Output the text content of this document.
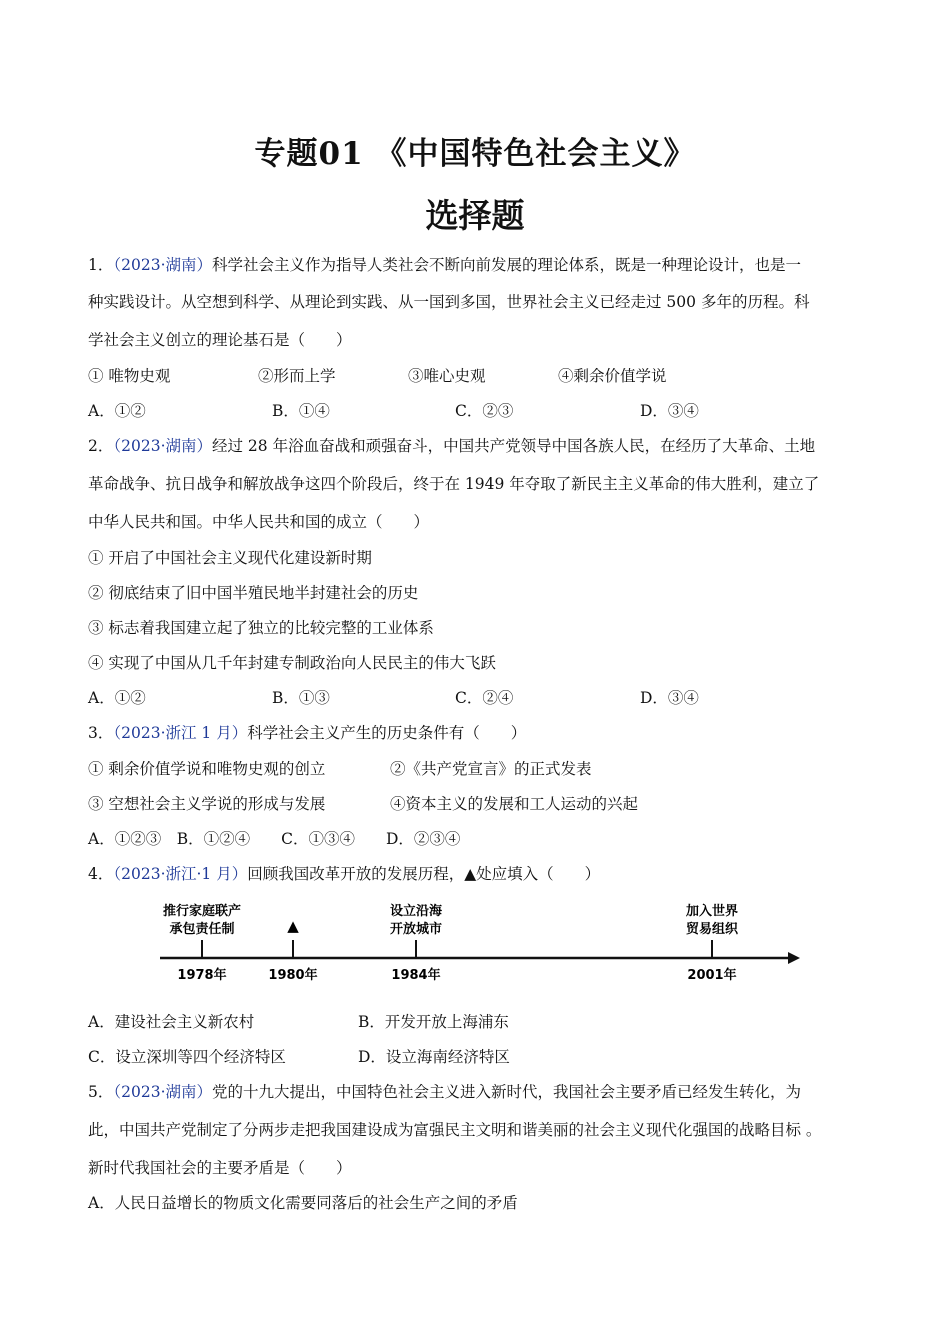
专题01 《中国特色社会主义》
选择题
1．（2023·湖南）科学社会主义作为指导人类社会不断向前发展的理论体系，既是一种理论设计，也是一
种实践设计。从空想到科学、从理论到实践、从一国到多国，世界社会主义已经走过 500 多年的历程。科
学社会主义创立的理论基石是（　　）
① 唯物史观	②形而上学	③唯心史观	④剩余价值学说
A．①②	B．①④	C．②③	D．③④
2．（2023·湖南）经过 28 年浴血奋战和顽强奋斗，中国共产党领导中国各族人民，在经历了大革命、土地
革命战争、抗日战争和解放战争这四个阶段后，终于在 1949 年夺取了新民主主义革命的伟大胜利，建立了
中华人民共和国。中华人民共和国的成立（　　）
① 开启了中国社会主义现代化建设新时期
② 彻底结束了旧中国半殖民地半封建社会的历史
③ 标志着我国建立起了独立的比较完整的工业体系
④ 实现了中国从几千年封建专制政治向人民民主的伟大飞跃
A．①②	B．①③	C．②④	D．③④
3．（2023·浙江 1 月）科学社会主义产生的历史条件有（　　）
① 剩余价值学说和唯物史观的创立	②《共产党宣言》的正式发表
③ 空想社会主义学说的形成与发展	④资本主义的发展和工人运动的兴起
A．①②③　B．①②④　　C．①③④　　D．②③④
4．（2023·浙江·1 月）回顾我国改革开放的发展历程，▲处应填入（　　）
推行家庭联产
承包责任制
1978年
▲
1980年
设立沿海
开放城市
1984年
加入世界
贸易组织
2001年
A．建设社会主义新农村	B．开发开放上海浦东
C．设立深圳等四个经济特区	D．设立海南经济特区
5．（2023·湖南）党的十九大提出，中国特色社会主义进入新时代，我国社会主要矛盾已经发生转化，为
此，中国共产党制定了分两步走把我国建设成为富强民主文明和谐美丽的社会主义现代化强国的战略目标 。
新时代我国社会的主要矛盾是（　　）
A．人民日益增长的物质文化需要同落后的社会生产之间的矛盾
